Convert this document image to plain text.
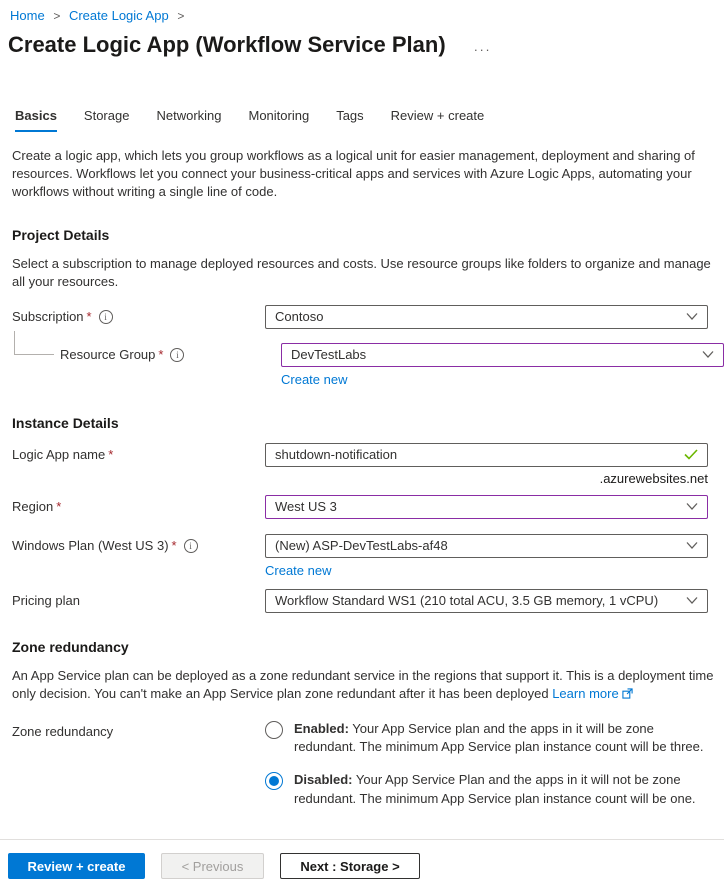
Home > Create Logic App >
Create Logic App (Workflow Service Plan) ···
Basics Storage Networking Monitoring Tags Review + create

Create a logic app, which lets you group workflows as a logical unit for easier management, deployment and sharing of resources. Workflows let you connect your business-critical apps and services with Azure Logic Apps, automating your workflows without writing a single line of code.

Project Details

Select a subscription to manage deployed resources and costs. Use resource groups like folders to organize and manage all your resources.

Subscription *	i	Contoso
Resource Group *	i	DevTestLabs
Create new
Instance Details
Logic App name *	shutdown-notification
.azurewebsites.net
Region *	West US 3
Windows Plan (West US 3) *	i	(New) ASP-DevTestLabs-af48
Create new
Pricing plan	Workflow Standard WS1 (210 total ACU, 3.5 GB memory, 1 vCPU)
Zone redundancy

An App Service plan can be deployed as a zone redundant service in the regions that support it. This is a deployment time only decision. You can't make an App Service plan zone redundant after it has been deployed Learn more

Zone redundancy	Enabled: Your App Service plan and the apps in it will be zone redundant. The minimum App Service plan instance count will be three.
Disabled: Your App Service Plan and the apps in it will not be zone redundant. The minimum App Service plan instance count will be one.
Review + create	< Previous	Next : Storage >
